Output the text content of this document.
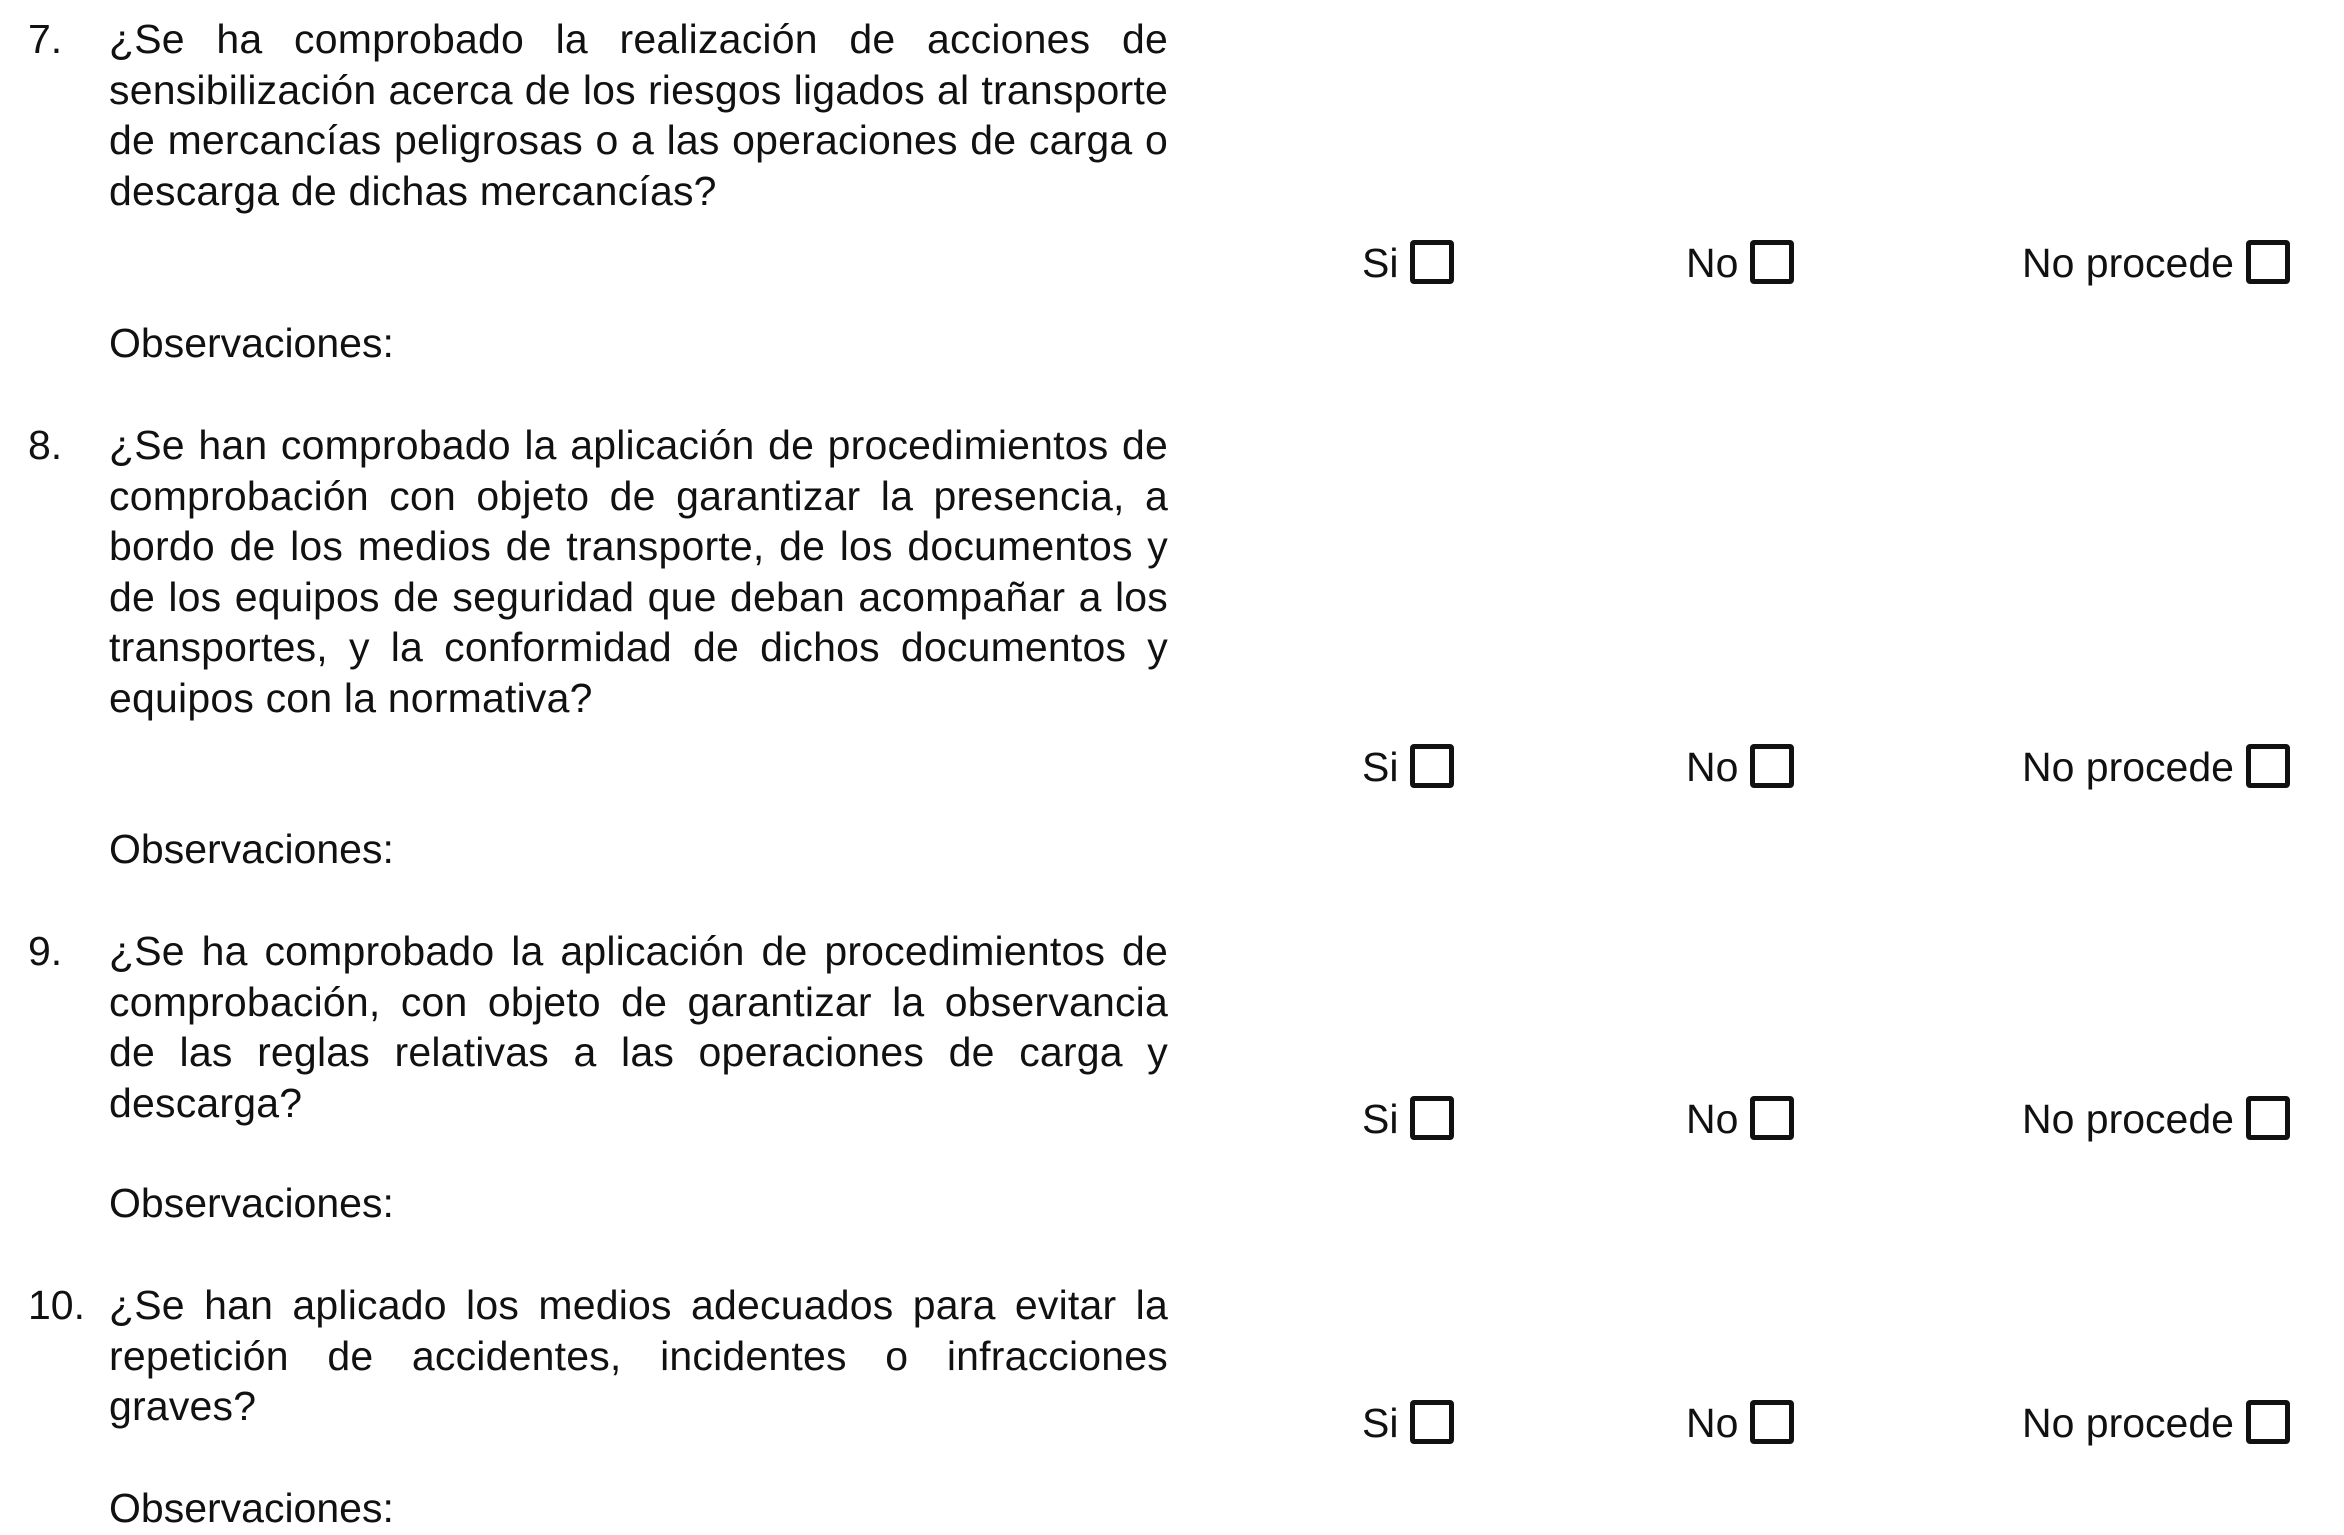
7. ¿Se ha comprobado la realización de acciones de sensibilización acerca de los riesgos ligados al transporte de mercancías peligrosas o a las operaciones de carga o descarga de dichas mercancías?
Observaciones:
Si	No	No procede
8. ¿Se han comprobado la aplicación de procedimientos de comprobación con objeto de garantizar la presencia, a bordo de los medios de transporte, de los documentos y de los equipos de seguridad que deban acompañar a los transportes, y la conformidad de dichos documentos y equipos con la normativa?
Observaciones:
Si	No	No procede
9. ¿Se ha comprobado la aplicación de procedimientos de comprobación, con objeto de garantizar la observancia de las reglas relativas a las operaciones de carga y descarga?
Observaciones:
Si	No	No procede
10. ¿Se han aplicado los medios adecuados para evitar la repetición de accidentes, incidentes o infracciones graves?
Observaciones:
Si	No	No procede
